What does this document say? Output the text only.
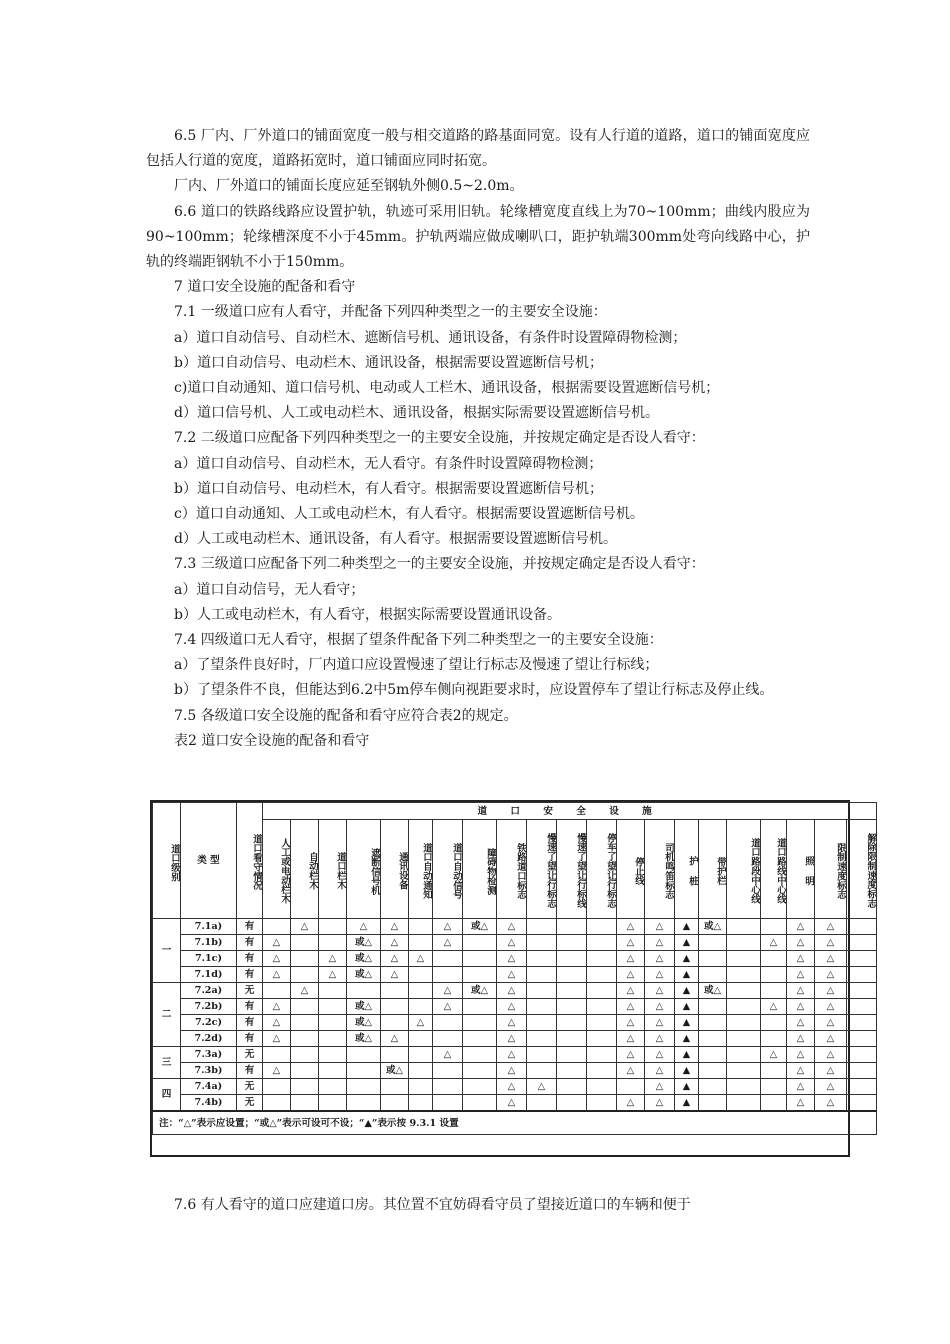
6.5 厂内、厂外道口的铺面宽度一般与相交道路的路基面同宽。设有人行道的道路，道口的铺面宽度应包括人行道的宽度，道路拓宽时，道口铺面应同时拓宽。

厂内、厂外道口的铺面长度应延至钢轨外侧0.5~2.0m。

6.6 道口的铁路线路应设置护轨，轨迹可采用旧轨。轮缘槽宽度直线上为70~100mm；曲线内股应为90~100mm；轮缘槽深度不小于45mm。护轨两端应做成喇叭口，距护轨端300mm处弯向线路中心，护轨的终端距钢轨不小于150mm。

7 道口安全设施的配备和看守

7.1 一级道口应有人看守，并配备下列四种类型之一的主要安全设施：

a）道口自动信号、自动栏木、遮断信号机、通讯设备，有条件时设置障碍物检测；

b）道口自动信号、电动栏木、通讯设备，根据需要设置遮断信号机；

c)道口自动通知、道口信号机、电动或人工栏木、通讯设备，根据需要设置遮断信号机；

d）道口信号机、人工或电动栏木、通讯设备，根据实际需要设置遮断信号机。

7.2 二级道口应配备下列四种类型之一的主要安全设施，并按规定确定是否设人看守：

a）道口自动信号、自动栏木，无人看守。有条件时设置障碍物检测；

b）道口自动信号、电动栏木，有人看守。根据需要设置遮断信号机；

c）道口自动通知、人工或电动栏木，有人看守。根据需要设置遮断信号机。

d）人工或电动栏木、通讯设备，有人看守。根据需要设置遮断信号机。

7.3 三级道口应配备下列二种类型之一的主要安全设施，并按规定确定是否设人看守：

a）道口自动信号，无人看守；

b）人工或电动栏木，有人看守，根据实际需要设置通讯设备。

7.4 四级道口无人看守，根据了望条件配备下列二种类型之一的主要安全设施：

a）了望条件良好时，厂内道口应设置慢速了望让行标志及慢速了望让行标线；

b）了望条件不良，但能达到6.2中5m停车侧向视距要求时，应设置停车了望让行标志及停止线。

7.5 各级道口安全设施的配备和看守应符合表2的规定。

表2 道口安全设施的配备和看守

道口级别	类 型	道口看守情况	道 口 安 全 设 施																				
			人工或电动栏木	自动栏木	道口栏木	遮断信号机	通讯设备	道口自动通知	道口自动信号	障碍物检测	铁路道口标志	慢速了望让行标志	慢速了望让行标线	停车了望让行标志	停止线	司机鸣笛标志	护 桩	带护栏	道口路段中心线	道口路线中心线	照 明	限制速度标志	解除限制速度标志
一	7.1a)	有		△		△	△		△	或△	△				△	△	▲	或△			△	△	
	7.1b)	有	△			或△	△		△		△				△	△	▲			△	△	△	
	7.1c)	有	△		△	或△	△	△			△				△	△	▲				△	△	
	7.1d)	有	△		△	或△	△				△				△	△	▲				△	△	
二	7.2a)	无		△					△	或△	△				△	△	▲	或△			△	△	
	7.2b)	有	△			或△			△		△				△	△	▲			△	△	△	
	7.2c)	有	△			或△		△			△				△	△	▲				△	△	
	7.2d)	有	△			或△	△				△				△	△	▲				△	△	
三	7.3a)	无							△		△				△	△	▲			△	△	△	
	7.3b)	有	△				或△				△				△	△	▲				△	△	
四	7.4a)	无									△	△				△	▲				△	△	
	7.4b)	无									△				△	△	▲				△	△	
注：“△”表示应设置；“或△”表示可设可不设；“▲”表示按 9.3.1 设置																							

7.6 有人看守的道口应建道口房。其位置不宜妨碍看守员了望接近道口的车辆和便于
